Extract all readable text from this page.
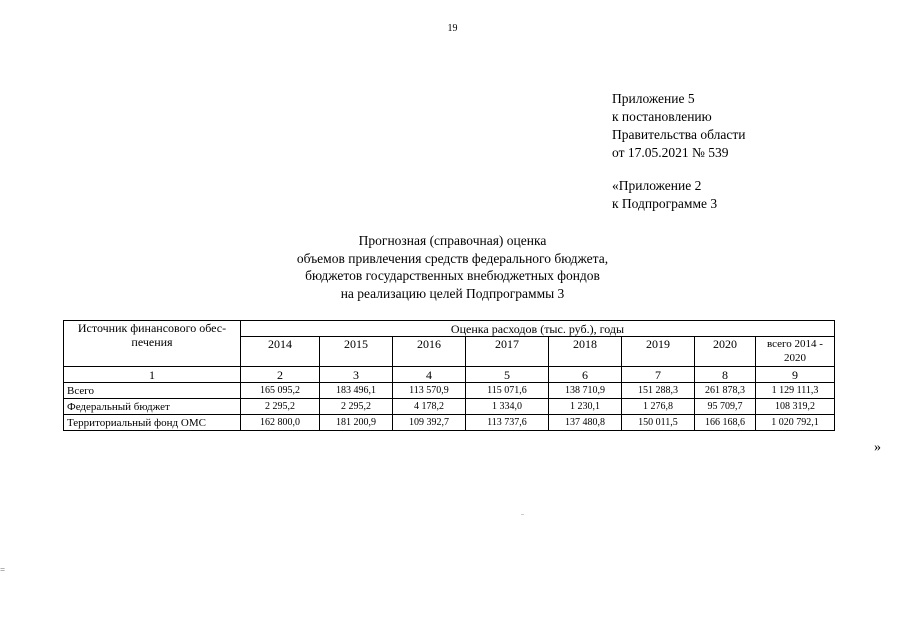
19
Приложение 5
к постановлению
Правительства области
от 17.05.2021 № 539
«Приложение 2
к Подпрограмме 3
Прогнозная (справочная) оценка
объемов привлечения средств федерального бюджета,
бюджетов государственных внебюджетных фондов
на реализацию целей Подпрограммы 3
Источник финансового обес-
печения	Оценка расходов (тыс. руб.), годы							
	2014	2015	2016	2017	2018	2019	2020	всего 2014 -
2020

1	2	3	4	5	6	7	8	9
Всего	165 095,2	183 496,1	113 570,9	115 071,6	138 710,9	151 288,3	261 878,3	1 129 111,3
Федеральный бюджет	2 295,2	2 295,2	4 178,2	1 334,0	1 230,1	1 276,8	95 709,7	108 319,2
Территориальный фонд ОМС	162 800,0	181 200,9	109 392,7	113 737,6	137 480,8	150 011,5	166 168,6	1 020 792,1
»
=
